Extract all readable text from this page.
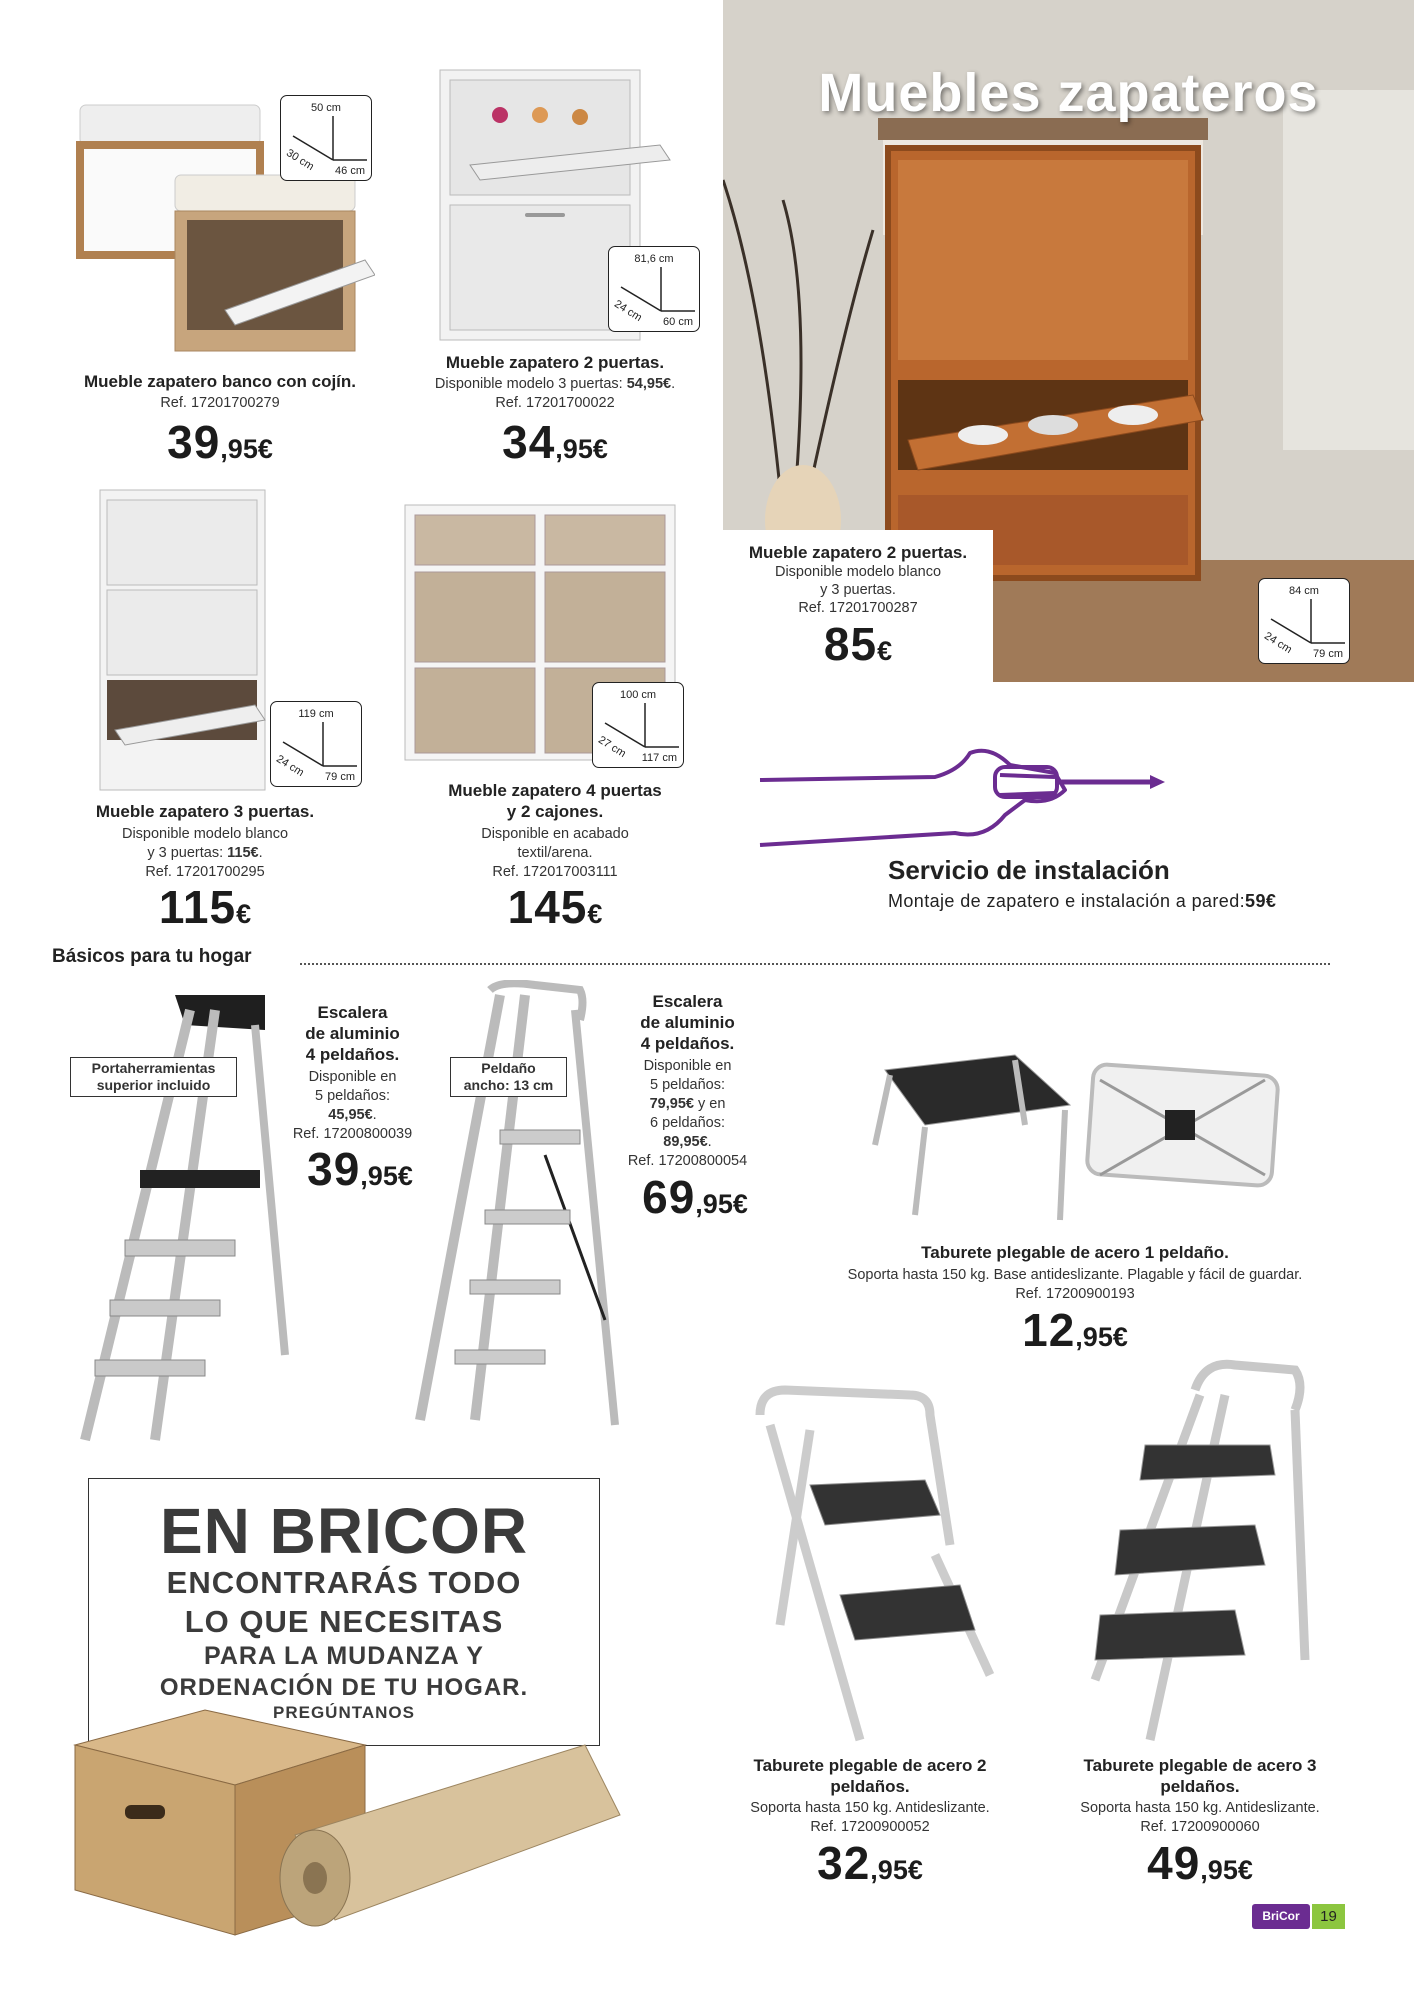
50 cm
30 cm 46 cm
Mueble zapatero banco con cojín.
Ref. 17201700279
39,95€
81,6 cm
24 cm 60 cm
Mueble zapatero 2 puertas.
Disponible modelo 3 puertas: 54,95€.
Ref. 17201700022
34,95€
Muebles zapateros
Mueble zapatero 2 puertas.
Disponible modelo blanco
y 3 puertas.
Ref. 17201700287
85€
84 cm
24 cm 79 cm
119 cm
24 cm 79 cm
Mueble zapatero 3 puertas.
Disponible modelo blanco
y 3 puertas: 115€.
Ref. 17201700295
115€
100 cm
27 cm 117 cm
Mueble zapatero 4 puertas
y 2 cajones.
Disponible en acabado
textil/arena.
Ref. 172017003111
145€
Servicio de instalación
Montaje de zapatero e instalación a pared:59€
Básicos para tu hogar
Portaherramientas
superior incluido
Escalera
de aluminio
4 peldaños.
Disponible en
5 peldaños:
45,95€.
Ref. 17200800039
39,95€
Peldaño
ancho: 13 cm
Escalera
de aluminio
4 peldaños.
Disponible en
5 peldaños:
79,95€ y en
6 peldaños:
89,95€.
Ref. 17200800054
69,95€
Taburete plegable de acero 1 peldaño.
Soporta hasta 150 kg. Base antideslizante. Plagable y fácil de guardar.
Ref. 17200900193
12,95€
Taburete plegable de acero 2
peldaños.
Soporta hasta 150 kg. Antideslizante.
Ref. 17200900052
32,95€
Taburete plegable de acero 3
peldaños.
Soporta hasta 150 kg. Antideslizante.
Ref. 17200900060
49,95€
EN BRICOR
ENCONTRARÁS TODO
LO QUE NECESITAS
PARA LA MUDANZA Y
ORDENACIÓN DE TU HOGAR.
PREGÚNTANOS
BriCor	19
